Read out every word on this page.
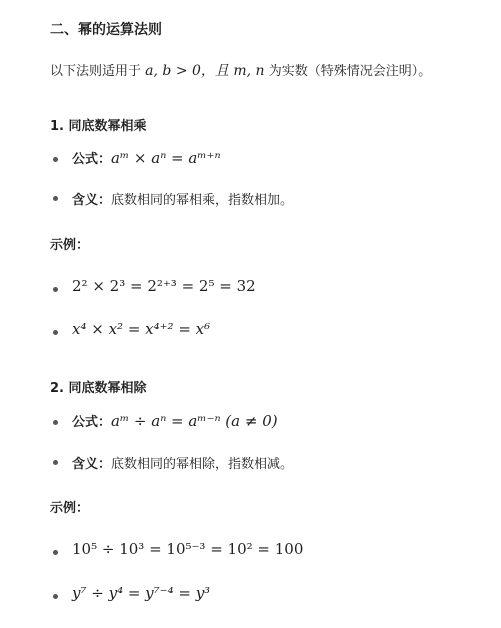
二、幂的运算法则
以下法则适用于 a, b > 0，且 m, n 为实数（特殊情况会注明）。
1. 同底数幂相乘
公式：aᵐ × aⁿ = aᵐ⁺ⁿ
含义：底数相同的幂相乘，指数相加。
示例：
2² × 2³ = 2²⁺³ = 2⁵ = 32
x⁴ × x² = x⁴⁺² = x⁶
2. 同底数幂相除
公式：aᵐ ÷ aⁿ = aᵐ⁻ⁿ (a ≠ 0)
含义：底数相同的幂相除，指数相减。
示例：
10⁵ ÷ 10³ = 10⁵⁻³ = 10² = 100
y⁷ ÷ y⁴ = y⁷⁻⁴ = y³
